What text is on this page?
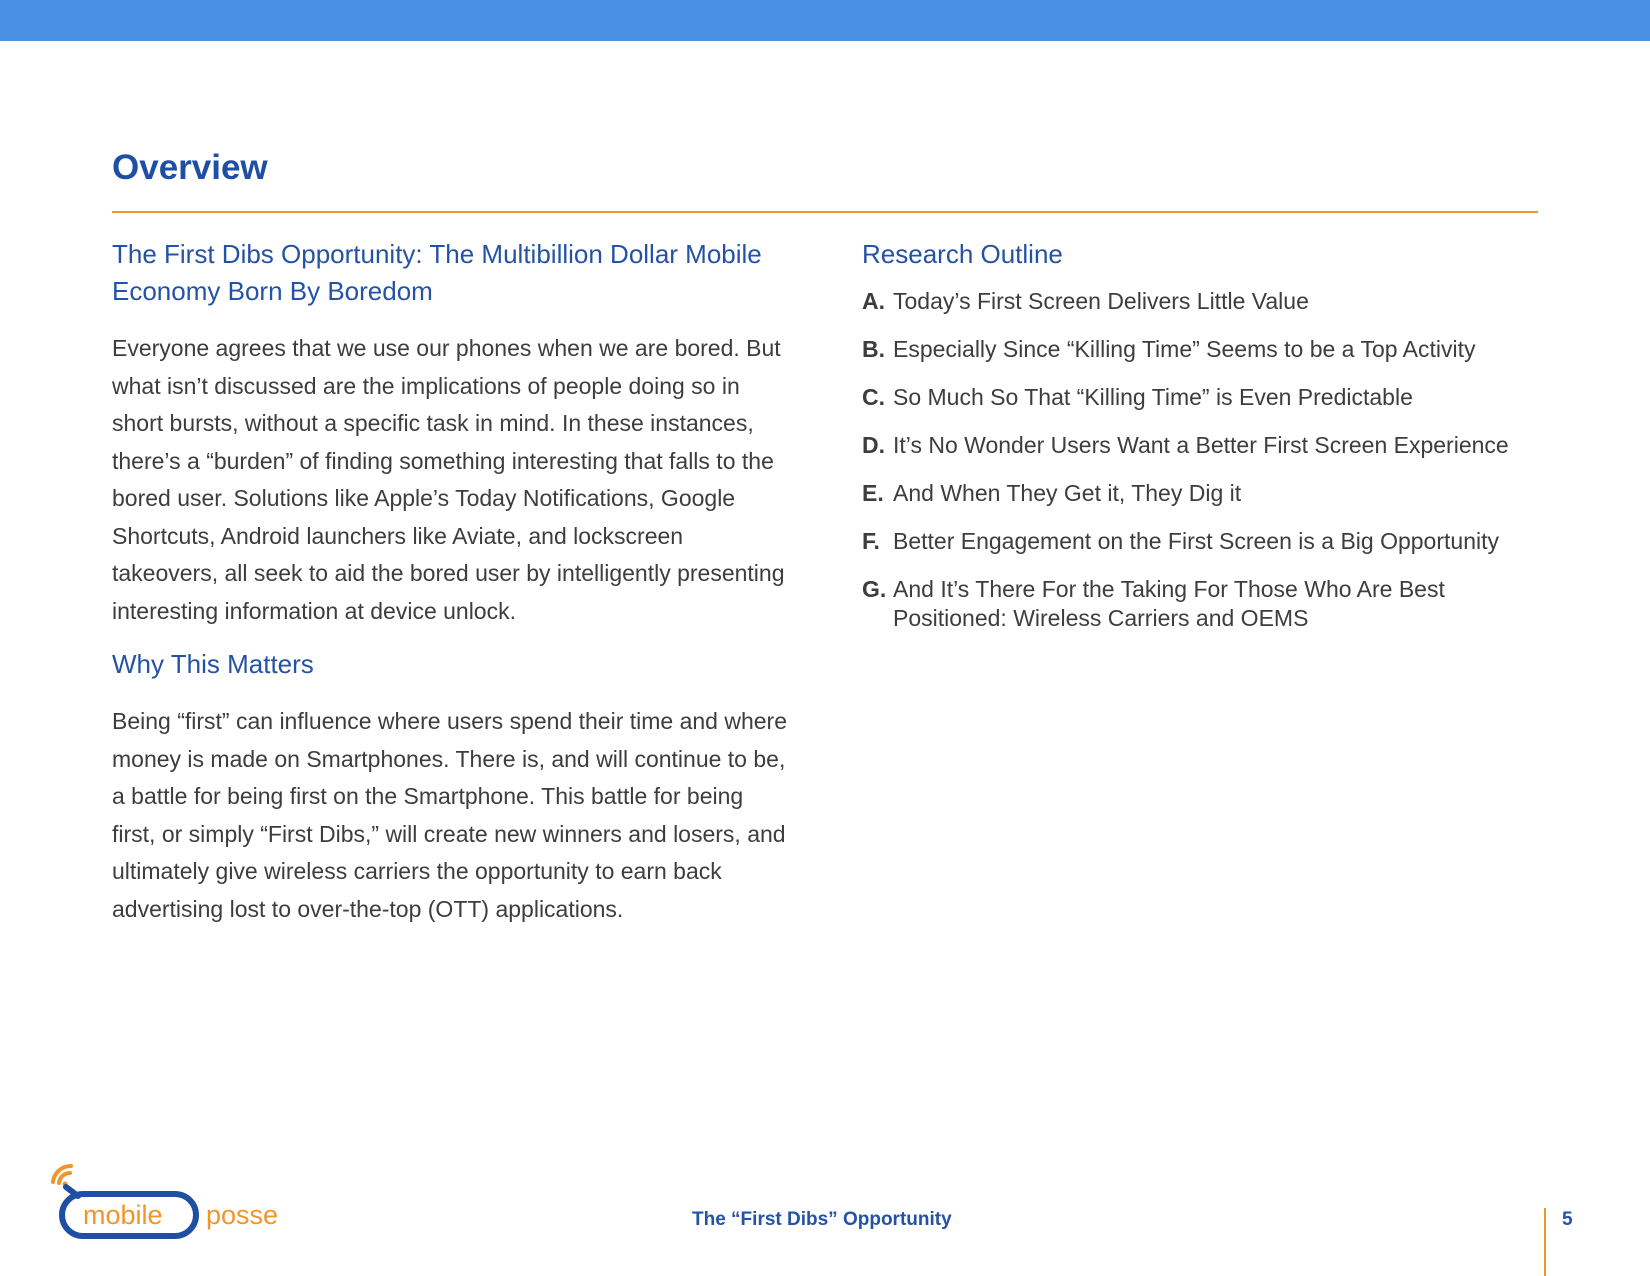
Overview
The First Dibs Opportunity: The Multibillion Dollar Mobile Economy Born By Boredom

Everyone agrees that we use our phones when we are bored. But what isn’t discussed are the implications of people doing so in short bursts, without a specific task in mind. In these instances, there’s a “burden” of finding something interesting that falls to the bored user. Solutions like Apple’s Today Notifications, Google Shortcuts, Android launchers like Aviate, and lockscreen takeovers, all seek to aid the bored user by intelligently presenting interesting information at device unlock.

Why This Matters

Being “first” can influence where users spend their time and where money is made on Smartphones. There is, and will continue to be, a battle for being first on the Smartphone. This battle for being first, or simply “First Dibs,” will create new winners and losers, and ultimately give wireless carriers the opportunity to earn back advertising lost to over-the-top (OTT) applications.

Research Outline
A. Today’s First Screen Delivers Little Value
B. Especially Since “Killing Time” Seems to be a Top Activity
C. So Much So That “Killing Time” is Even Predictable
D. It’s No Wonder Users Want a Better First Screen Experience
E. And When They Get it, They Dig it
F. Better Engagement on the First Screen is a Big Opportunity
G. And It’s There For the Taking For Those Who Are Best Positioned: Wireless Carriers and OEMS
mobile posse	The “First Dibs” Opportunity	5
